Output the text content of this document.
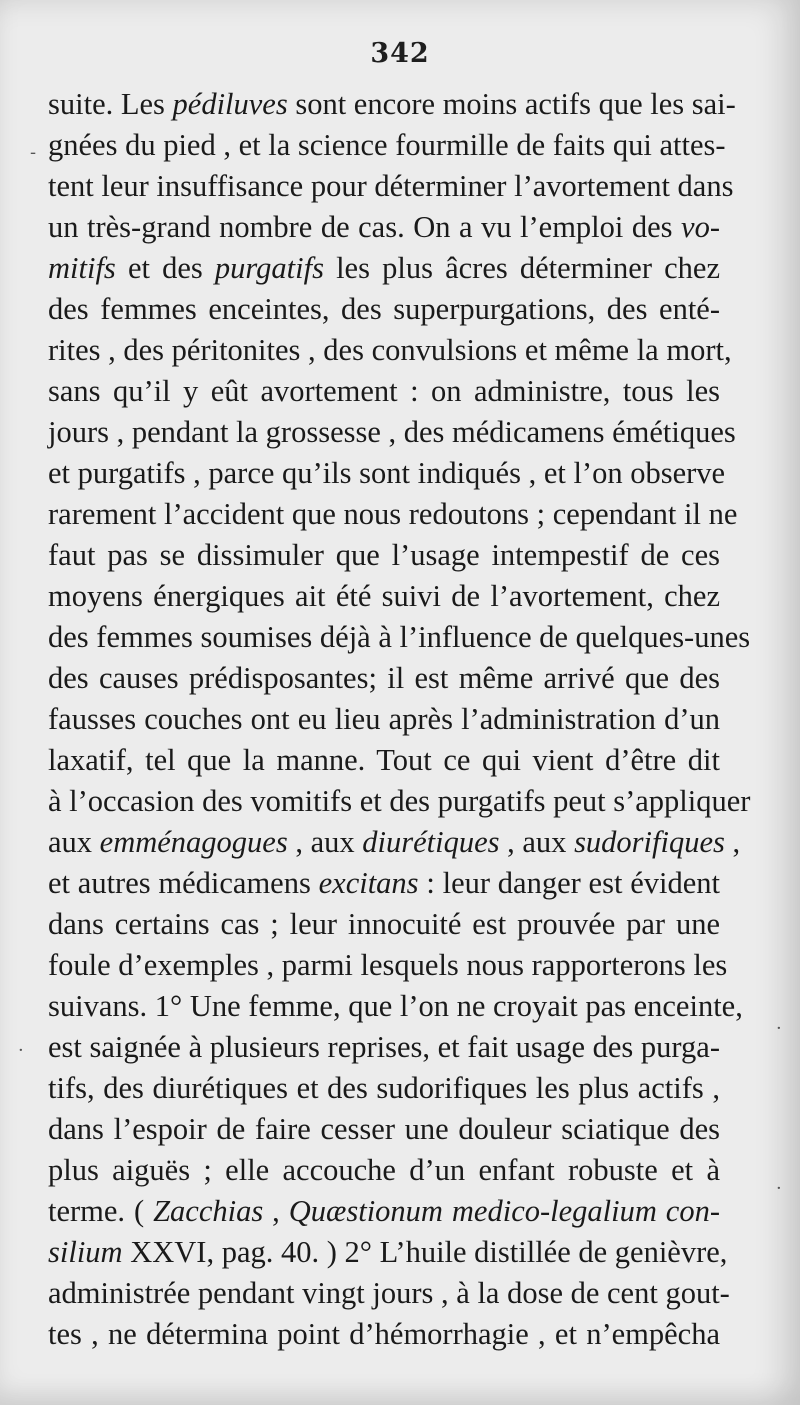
342
suite. Les pédiluves sont encore moins actifs que les sai-
gnées du pied , et la science fourmille de faits qui attes-
tent leur insuffisance pour déterminer l’avortement dans
un très-grand nombre de cas. On a vu l’emploi des vo-
mitifs et des purgatifs les plus âcres déterminer chez
des femmes enceintes, des superpurgations, des enté-
rites , des péritonites , des convulsions et même la mort,
sans qu’il y eût avortement : on administre, tous les
jours , pendant la grossesse , des médicamens émétiques
et purgatifs , parce qu’ils sont indiqués , et l’on observe
rarement l’accident que nous redoutons ; cependant il ne
faut pas se dissimuler que l’usage intempestif de ces
moyens énergiques ait été suivi de l’avortement, chez
des femmes soumises déjà à l’influence de quelques-unes
des causes prédisposantes; il est même arrivé que des
fausses couches ont eu lieu après l’administration d’un
laxatif, tel que la manne. Tout ce qui vient d’être dit
à l’occasion des vomitifs et des purgatifs peut s’appliquer
aux emménagogues , aux diurétiques , aux sudorifiques ,
et autres médicamens excitans : leur danger est évident
dans certains cas ; leur innocuité est prouvée par une
foule d’exemples , parmi lesquels nous rapporterons les
suivans. 1° Une femme, que l’on ne croyait pas enceinte,
est saignée à plusieurs reprises, et fait usage des purga-
tifs, des diurétiques et des sudorifiques les plus actifs ,
dans l’espoir de faire cesser une douleur sciatique des
plus aiguës ; elle accouche d’un enfant robuste et à
terme. ( Zacchias , Quæstionum medico-legalium con-
silium XXVI, pag. 40. ) 2° L’huile distillée de genièvre,
administrée pendant vingt jours , à la dose de cent gout-
tes , ne détermina point d’hémorrhagie , et n’empêcha
-
·
·
·
